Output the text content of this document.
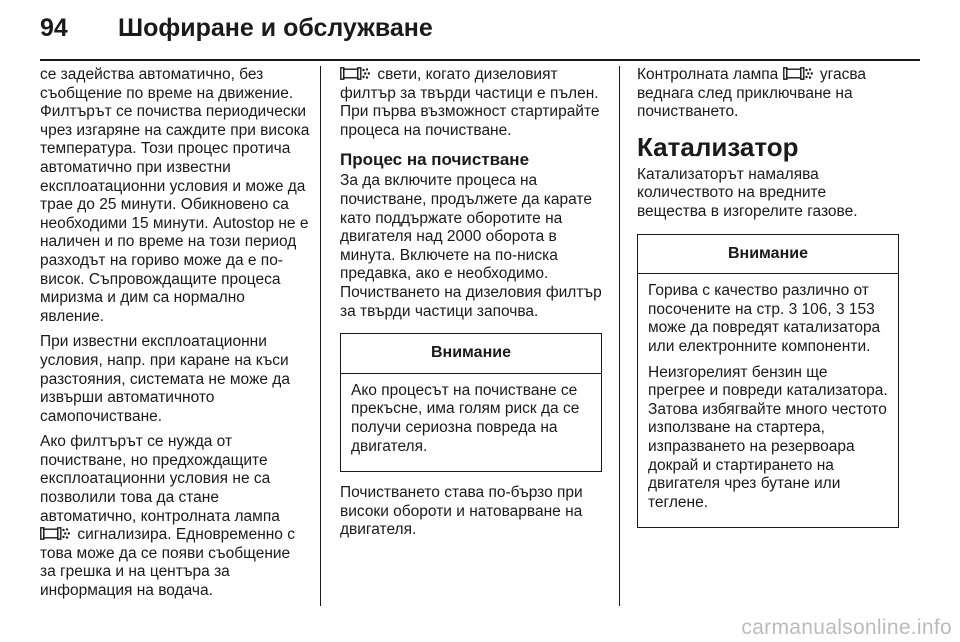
94 Шофиране и обслужване

се задейства автоматично, без съобщение по време на движение. Филтърът се почиства периодически чрез изгаряне на саждите при висока температура. Този процес протича автоматично при известни експлоатационни условия и може да трае до 25 минути. Обикновено са необходими 15 минути. Autostop не е наличен и по време на този период разходът на гориво може да е по-висок. Съпровождащите процеса миризма и дим са нормално явление.

При известни експлоатационни условия, напр. при каране на къси разстояния, системата не може да извърши автоматичното самопочистване.

Ако филтърът се нужда от почистване, но предхождащите експлоатационни условия не са позволили това да стане автоматично, контролната лампа  сигнализира. Едновременно с това може да се появи съобщение за грешка и на центъра за информация на водача.

свети, когато дизеловият филтър за твърди частици е пълен. При първа възможност стартирайте процеса на почистване.

Процес на почистване

За да включите процеса на почистване, продължете да карате като поддържате оборотите на двигателя над 2000 оборота в минута. Включете на по-ниска предавка, ако е необходимо. Почистването на дизеловия филтър за твърди частици започва.

Внимание

Ако процесът на почистване се прекъсне, има голям риск да се получи сериозна повреда на двигателя.

Почистването става по-бързо при високи обороти и натоварване на двигателя.

Контролната лампа	угасва веднага след приключване на почистването.

Катализатор

Катализаторът намалява количеството на вредните вещества в изгорелите газове.

Внимание

Горива с качество различно от посочените на стр. 3 106, 3 153 може да повредят катализатора или електронните компоненти.

Неизгорелият бензин ще прегрее и повреди катализатора. Затова избягвайте много честото използване на стартера, изпразването на резервоара докрай и стартирането на двигателя чрез бутане или теглене.

carmanualsonline.info
